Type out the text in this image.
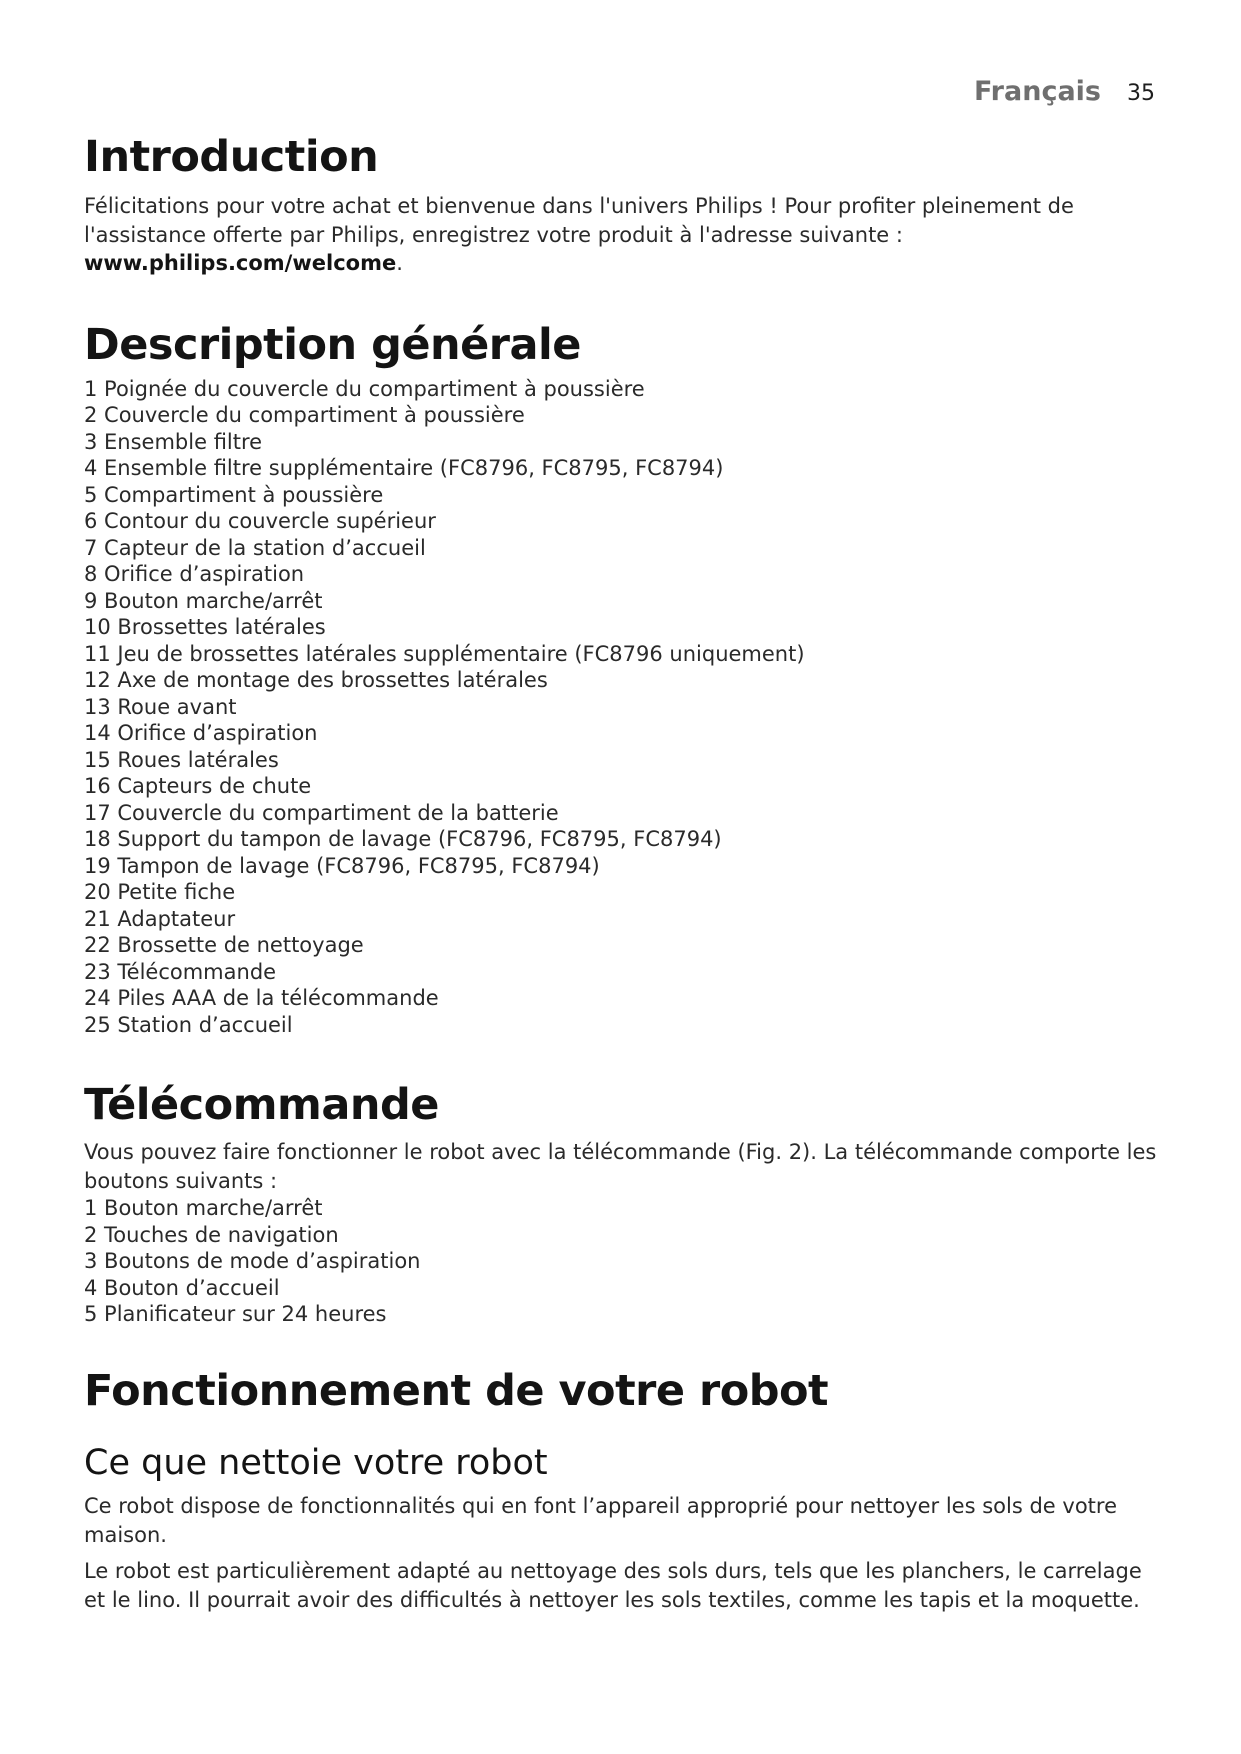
Français 35
Introduction

Félicitations pour votre achat et bienvenue dans l'univers Philips ! Pour profiter pleinement de l'assistance offerte par Philips, enregistrez votre produit à l'adresse suivante :
www.philips.com/welcome.

Description générale
1 Poignée du couvercle du compartiment à poussière
2 Couvercle du compartiment à poussière
3 Ensemble filtre
4 Ensemble filtre supplémentaire (FC8796, FC8795, FC8794)
5 Compartiment à poussière
6 Contour du couvercle supérieur
7 Capteur de la station d’accueil
8 Orifice d’aspiration
9 Bouton marche/arrêt
10 Brossettes latérales
11 Jeu de brossettes latérales supplémentaire (FC8796 uniquement)
12 Axe de montage des brossettes latérales
13 Roue avant
14 Orifice d’aspiration
15 Roues latérales
16 Capteurs de chute
17 Couvercle du compartiment de la batterie
18 Support du tampon de lavage (FC8796, FC8795, FC8794)
19 Tampon de lavage (FC8796, FC8795, FC8794)
20 Petite fiche
21 Adaptateur
22 Brossette de nettoyage
23 Télécommande
24 Piles AAA de la télécommande
25 Station d’accueil
Télécommande

Vous pouvez faire fonctionner le robot avec la télécommande (Fig. 2). La télécommande comporte les boutons suivants :

1 Bouton marche/arrêt
2 Touches de navigation
3 Boutons de mode d’aspiration
4 Bouton d’accueil
5 Planificateur sur 24 heures
Fonctionnement de votre robot
Ce que nettoie votre robot

Ce robot dispose de fonctionnalités qui en font l’appareil approprié pour nettoyer les sols de votre maison.

Le robot est particulièrement adapté au nettoyage des sols durs, tels que les planchers, le carrelage et le lino. Il pourrait avoir des difficultés à nettoyer les sols textiles, comme les tapis et la moquette.
